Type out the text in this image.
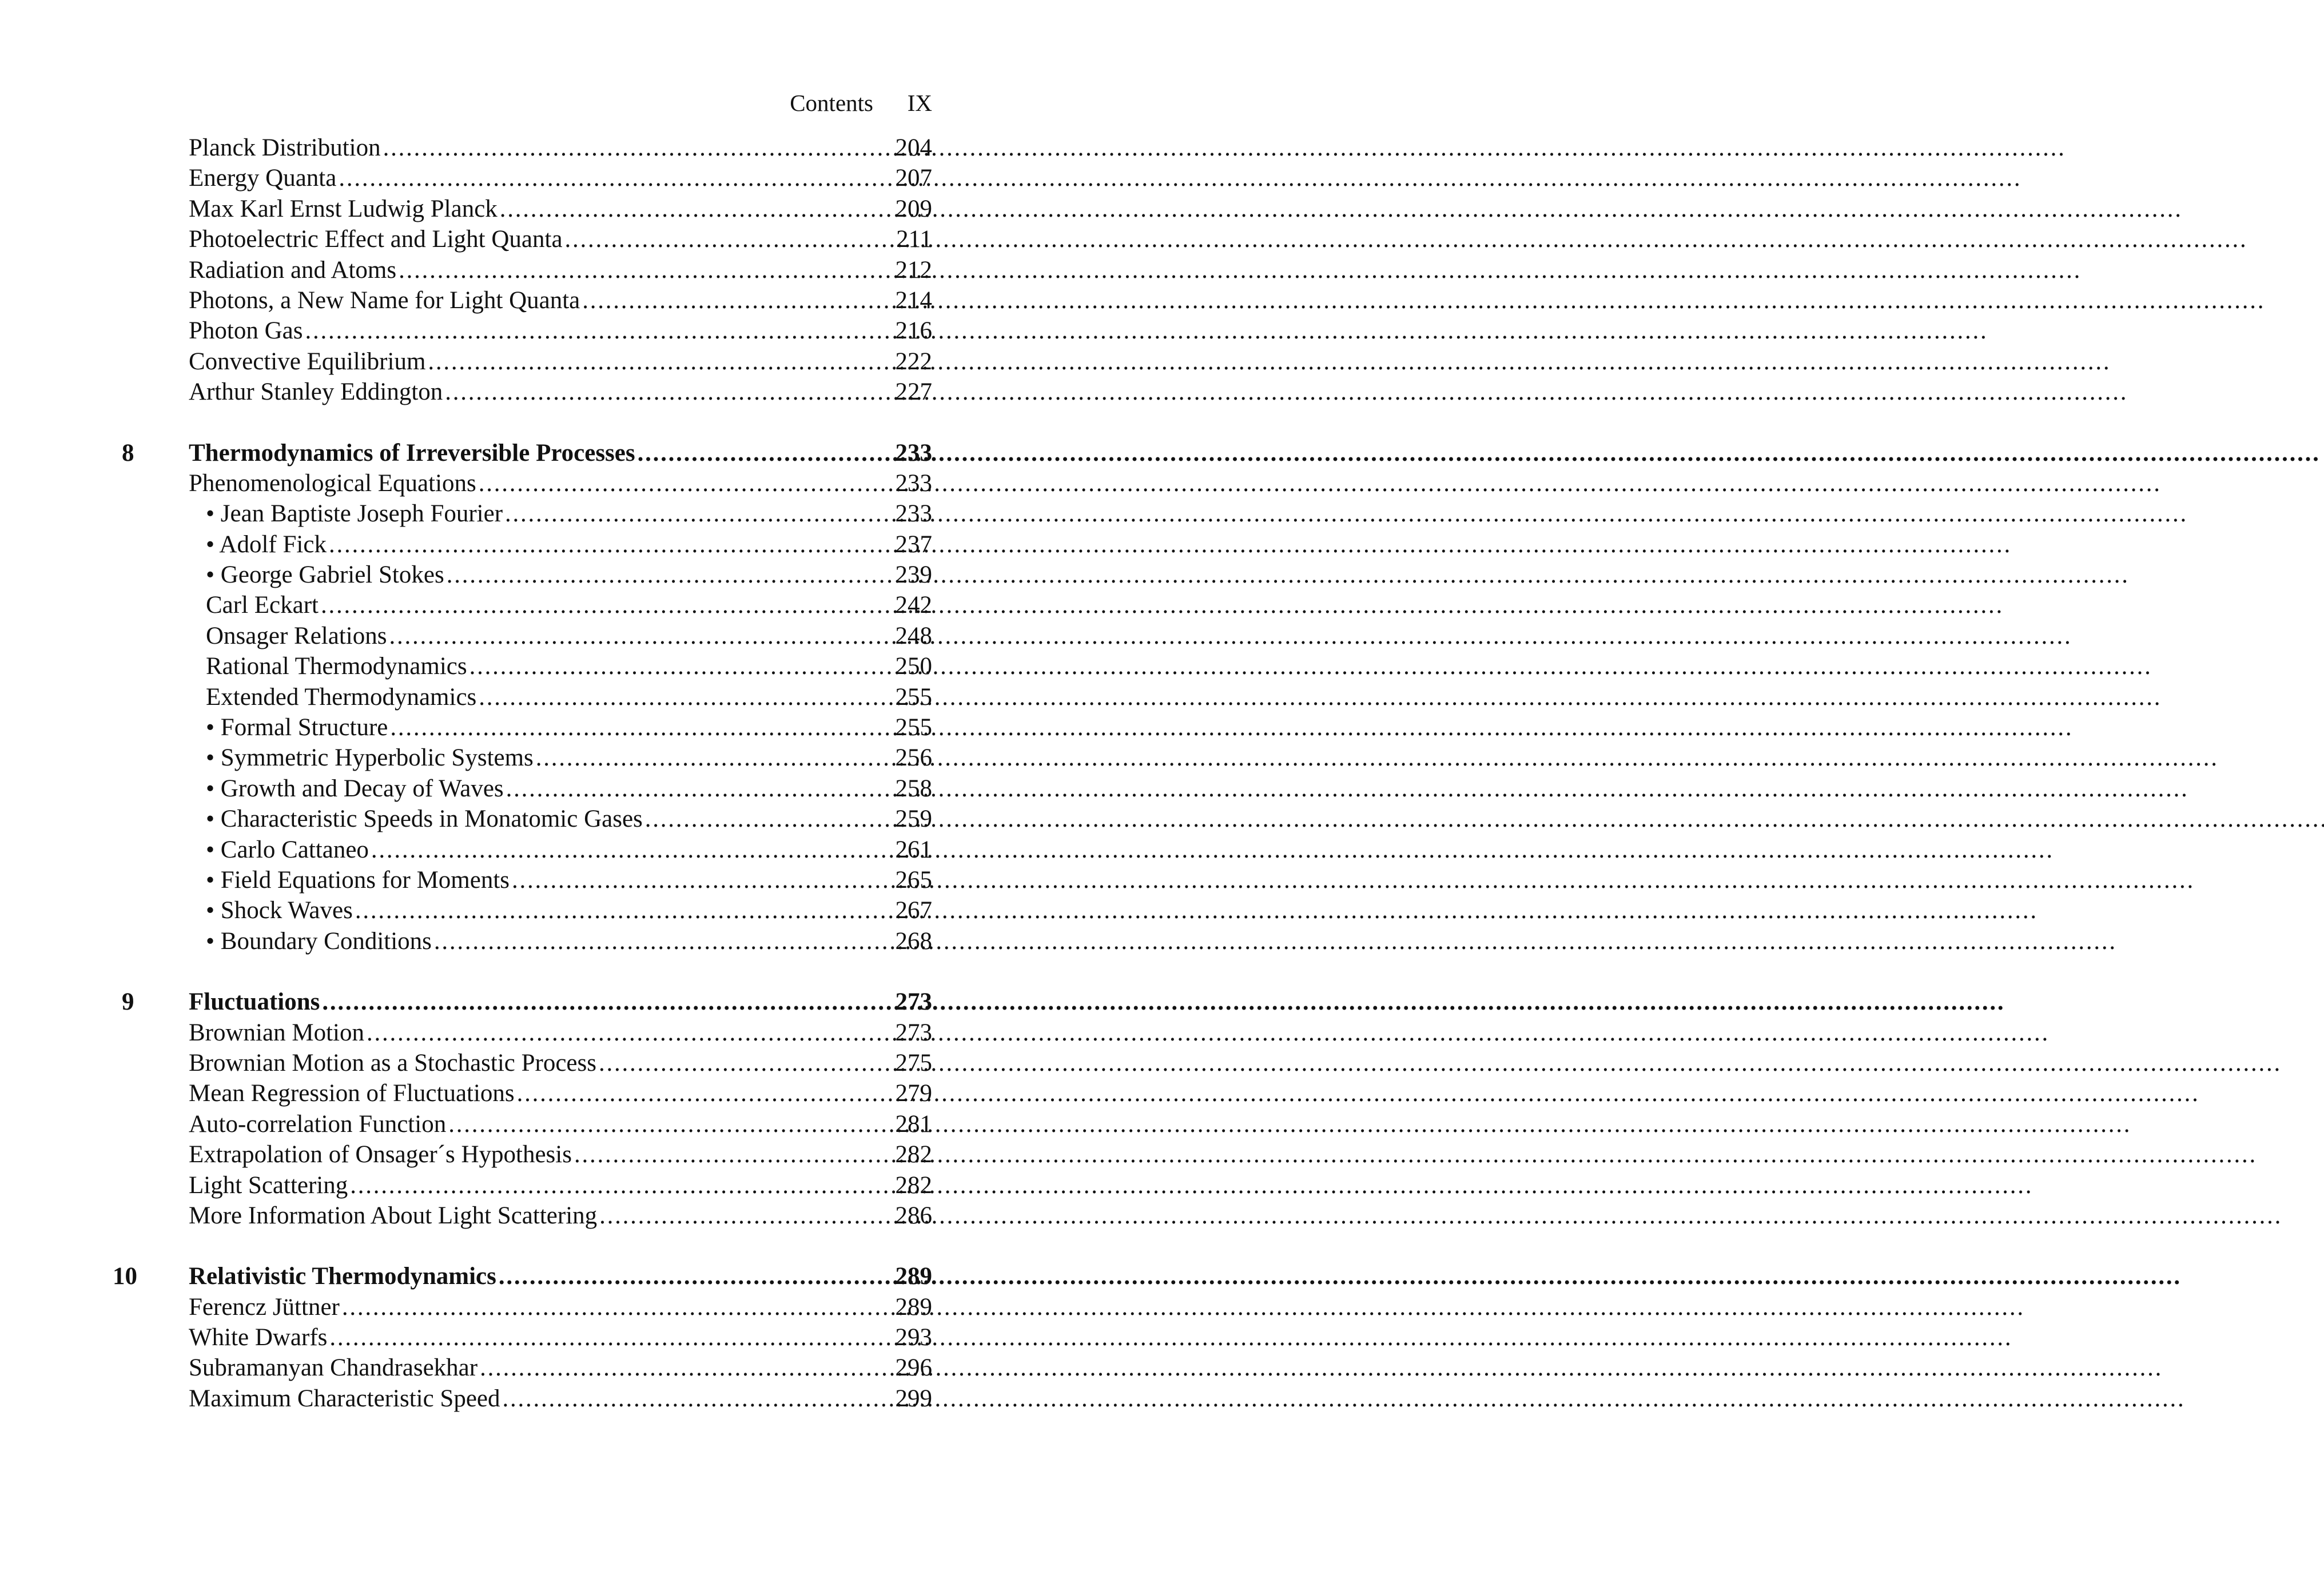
Contents IX
Planck Distribution . . .	204
Energy Quanta . . .	207
Max Karl Ernst Ludwig Planck . . .	209
Photoelectric Effect and Light Quanta . . .	211
Radiation and Atoms . . .	212
Photons, a New Name for Light Quanta . . .	214
Photon Gas . . .	216
Convective Equilibrium . . .	222
Arthur Stanley Eddington . . .	227
8	Thermodynamics of Irreversible Processes . . .	233
Phenomenological Equations . . .	233
• Jean Baptiste Joseph Fourier . . .	233
• Adolf Fick . . .	237
• George Gabriel Stokes . . .	239
Carl Eckart . . .	242
Onsager Relations . . .	248
Rational Thermodynamics . . .	250
Extended Thermodynamics . . .	255
• Formal Structure . . .	255
• Symmetric Hyperbolic Systems . . .	256
• Growth and Decay of Waves . . .	258
• Characteristic Speeds in Monatomic Gases . . .	259
• Carlo Cattaneo . . .	261
• Field Equations for Moments . . .	265
• Shock Waves . . .	267
• Boundary Conditions . . .	268
9	Fluctuations . . .	273
Brownian Motion . . .	273
Brownian Motion as a Stochastic Process . . .	275
Mean Regression of Fluctuations . . .	279
Auto-correlation Function . . .	281
Extrapolation of Onsager´s Hypothesis . . .	282
Light Scattering . . .	282
More Information About Light Scattering . . .	286
10	Relativistic Thermodynamics . . .	289
Ferencz Jüttner . . .	289
White Dwarfs . . .	293
Subramanyan Chandrasekhar . . .	296
Maximum Characteristic Speed . . .	299
